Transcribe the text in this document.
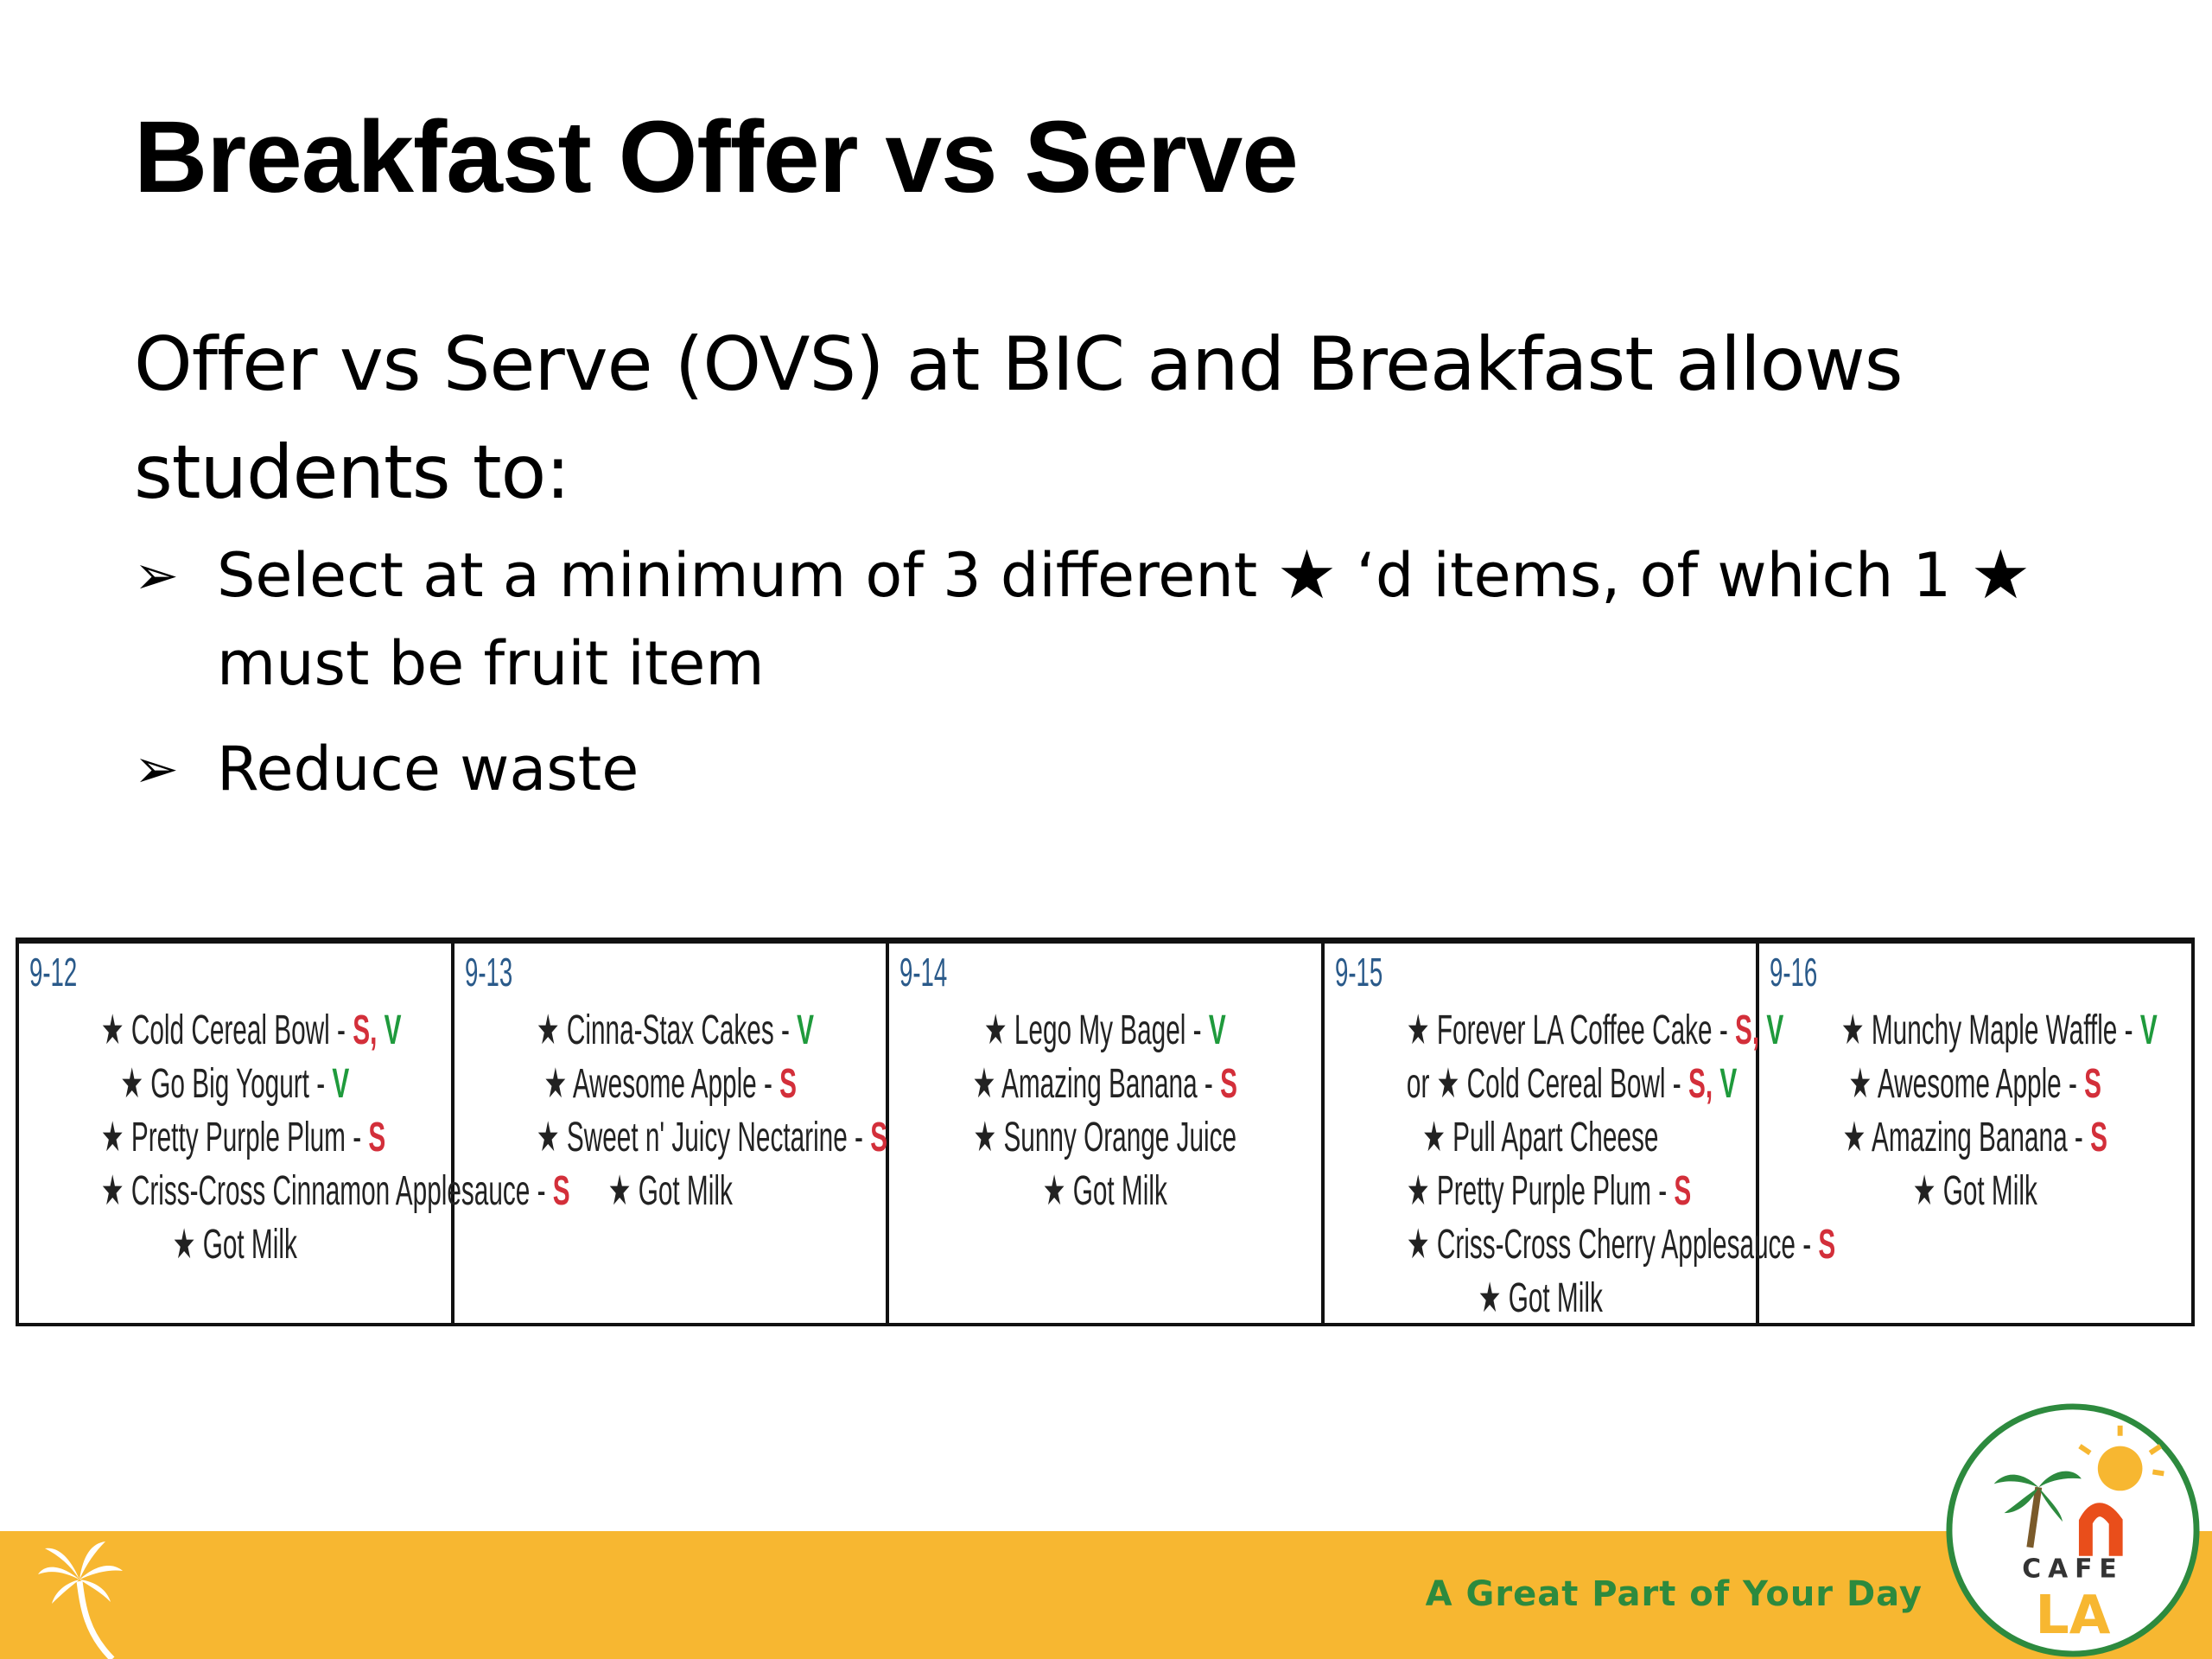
Breakfast Offer vs Serve

Offer vs Serve (OVS) at BIC and Breakfast allows students to:

➢ Select at a minimum of 3 different ★ ‘d items, of which 1 ★
must be fruit item
➢ Reduce waste
9-12
★ Cold Cereal Bowl - S, V
★ Go Big Yogurt - V
★ Pretty Purple Plum - S
★ Criss-Cross Cinnamon Applesauce - S
★ Got Milk
9-13
★ Cinna-Stax Cakes - V
★ Awesome Apple - S
★ Sweet n' Juicy Nectarine - S
★ Got Milk
9-14
★ Lego My Bagel - V
★ Amazing Banana - S
★ Sunny Orange Juice
★ Got Milk
9-15
★ Forever LA Coffee Cake - S, V
or ★ Cold Cereal Bowl - S, V
★ Pull Apart Cheese
★ Pretty Purple Plum - S
★ Criss-Cross Cherry Applesauce - S
★ Got Milk
9-16
★ Munchy Maple Waffle - V
★ Awesome Apple - S
★ Amazing Banana - S
★ Got Milk
A Great Part of Your Day
CAFE
LA
